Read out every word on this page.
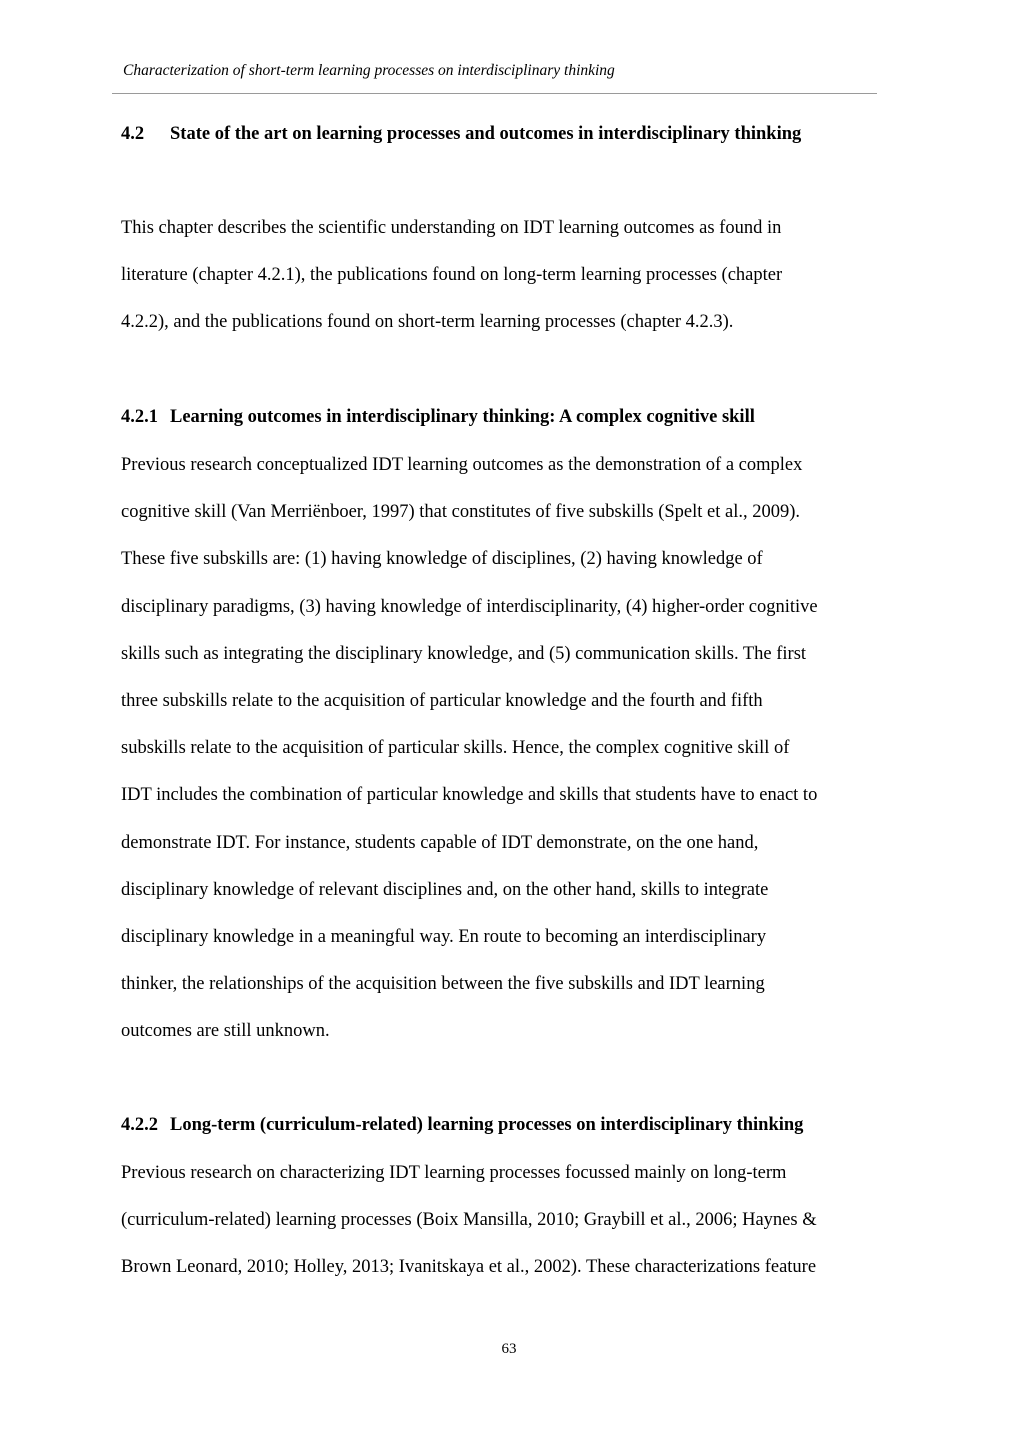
Characterization of short-term learning processes on interdisciplinary thinking
4.2 State of the art on learning processes and outcomes in interdisciplinary thinking
This chapter describes the scientific understanding on IDT learning outcomes as found in
literature (chapter 4.2.1), the publications found on long-term learning processes (chapter
4.2.2), and the publications found on short-term learning processes (chapter 4.2.3).
4.2.1 Learning outcomes in interdisciplinary thinking: A complex cognitive skill
Previous research conceptualized IDT learning outcomes as the demonstration of a complex
cognitive skill (Van Merriënboer, 1997) that constitutes of five subskills (Spelt et al., 2009).
These five subskills are: (1) having knowledge of disciplines, (2) having knowledge of
disciplinary paradigms, (3) having knowledge of interdisciplinarity, (4) higher-order cognitive
skills such as integrating the disciplinary knowledge, and (5) communication skills. The first
three subskills relate to the acquisition of particular knowledge and the fourth and fifth
subskills relate to the acquisition of particular skills. Hence, the complex cognitive skill of
IDT includes the combination of particular knowledge and skills that students have to enact to
demonstrate IDT. For instance, students capable of IDT demonstrate, on the one hand,
disciplinary knowledge of relevant disciplines and, on the other hand, skills to integrate
disciplinary knowledge in a meaningful way. En route to becoming an interdisciplinary
thinker, the relationships of the acquisition between the five subskills and IDT learning
outcomes are still unknown.
4.2.2 Long-term (curriculum-related) learning processes on interdisciplinary thinking
Previous research on characterizing IDT learning processes focussed mainly on long-term
(curriculum-related) learning processes (Boix Mansilla, 2010; Graybill et al., 2006; Haynes &
Brown Leonard, 2010; Holley, 2013; Ivanitskaya et al., 2002). These characterizations feature
63
